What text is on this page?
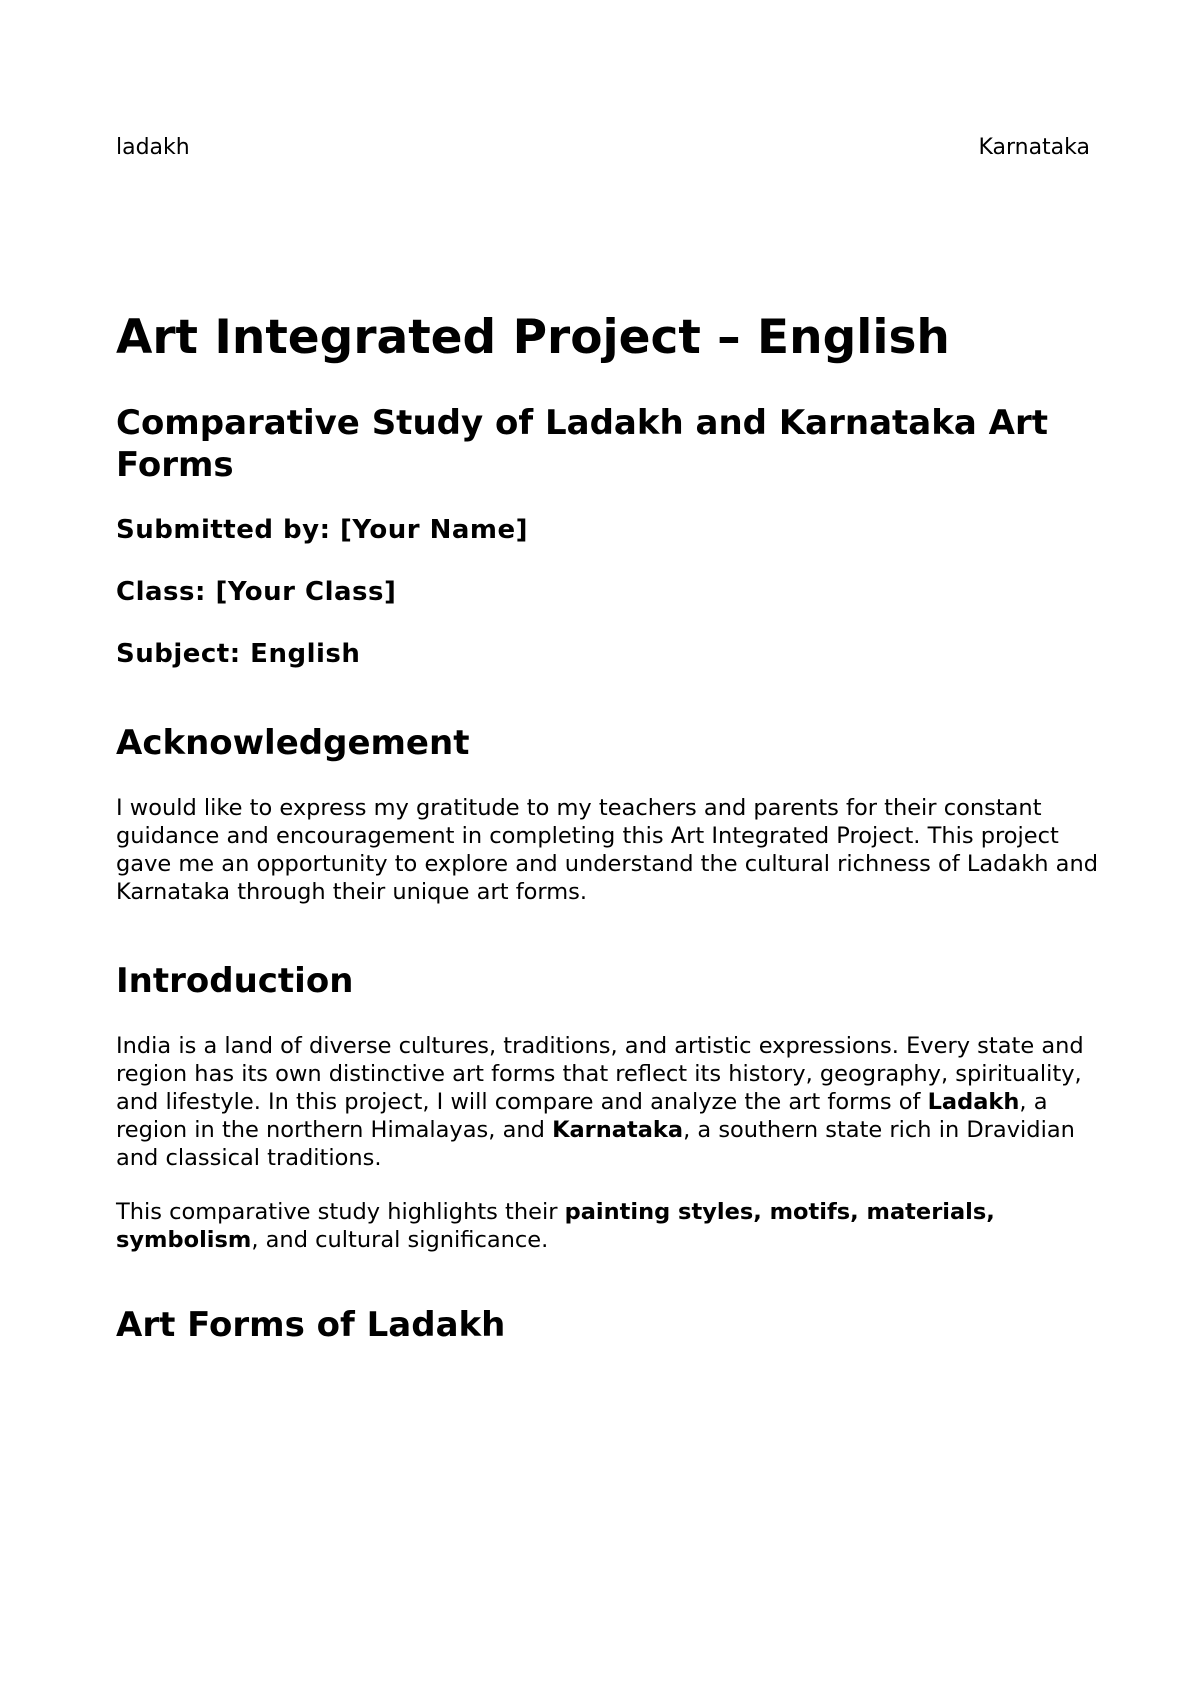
ladakh	Karnataka
Art Integrated Project – English
Comparative Study of Ladakh and Karnataka Art Forms

Submitted by: [Your Name]

Class: [Your Class]

Subject: English

Acknowledgement

I would like to express my gratitude to my teachers and parents for their constant guidance and encouragement in completing this Art Integrated Project. This project gave me an opportunity to explore and understand the cultural richness of Ladakh and Karnataka through their unique art forms.

Introduction

India is a land of diverse cultures, traditions, and artistic expressions. Every state and region has its own distinctive art forms that reflect its history, geography, spirituality, and lifestyle. In this project, I will compare and analyze the art forms of Ladakh, a region in the northern Himalayas, and Karnataka, a southern state rich in Dravidian and classical traditions.

This comparative study highlights their painting styles, motifs, materials, symbolism, and cultural significance.

Art Forms of Ladakh
